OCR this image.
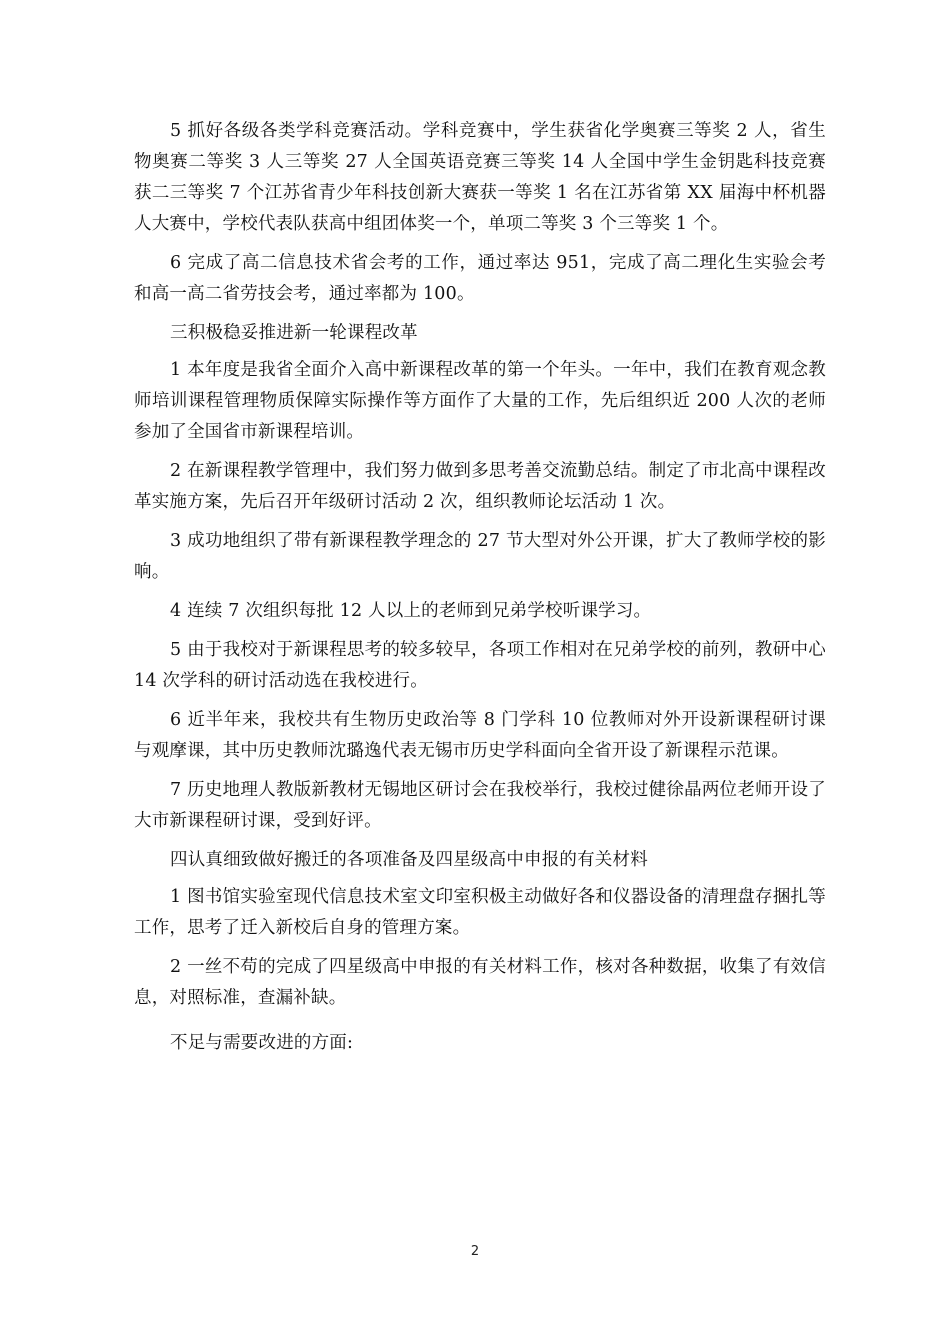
5 抓好各级各类学科竞赛活动。学科竞赛中，学生获省化学奥赛三等奖 2 人，省生物奥赛二等奖 3 人三等奖 27 人全国英语竞赛三等奖 14 人全国中学生金钥匙科技竞赛获二三等奖 7 个江苏省青少年科技创新大赛获一等奖 1 名在江苏省第 XX 届海中杯机器人大赛中，学校代表队获高中组团体奖一个，单项二等奖 3 个三等奖 1 个。

6 完成了高二信息技术省会考的工作，通过率达 951，完成了高二理化生实验会考和高一高二省劳技会考，通过率都为 100。

三积极稳妥推进新一轮课程改革

1 本年度是我省全面介入高中新课程改革的第一个年头。一年中，我们在教育观念教师培训课程管理物质保障实际操作等方面作了大量的工作，先后组织近 200 人次的老师参加了全国省市新课程培训。

2 在新课程教学管理中，我们努力做到多思考善交流勤总结。制定了市北高中课程改革实施方案，先后召开年级研讨活动 2 次，组织教师论坛活动 1 次。

3 成功地组织了带有新课程教学理念的 27 节大型对外公开课，扩大了教师学校的影响。

4 连续 7 次组织每批 12 人以上的老师到兄弟学校听课学习。

5 由于我校对于新课程思考的较多较早，各项工作相对在兄弟学校的前列，教研中心 14 次学科的研讨活动选在我校进行。

6 近半年来，我校共有生物历史政治等 8 门学科 10 位教师对外开设新课程研讨课与观摩课，其中历史教师沈璐逸代表无锡市历史学科面向全省开设了新课程示范课。

7 历史地理人教版新教材无锡地区研讨会在我校举行，我校过健徐晶两位老师开设了大市新课程研讨课，受到好评。

四认真细致做好搬迁的各项准备及四星级高中申报的有关材料

1 图书馆实验室现代信息技术室文印室积极主动做好各和仪器设备的清理盘存捆扎等工作，思考了迁入新校后自身的管理方案。

2 一丝不苟的完成了四星级高中申报的有关材料工作，核对各种数据，收集了有效信息，对照标准，查漏补缺。

不足与需要改进的方面:

2
